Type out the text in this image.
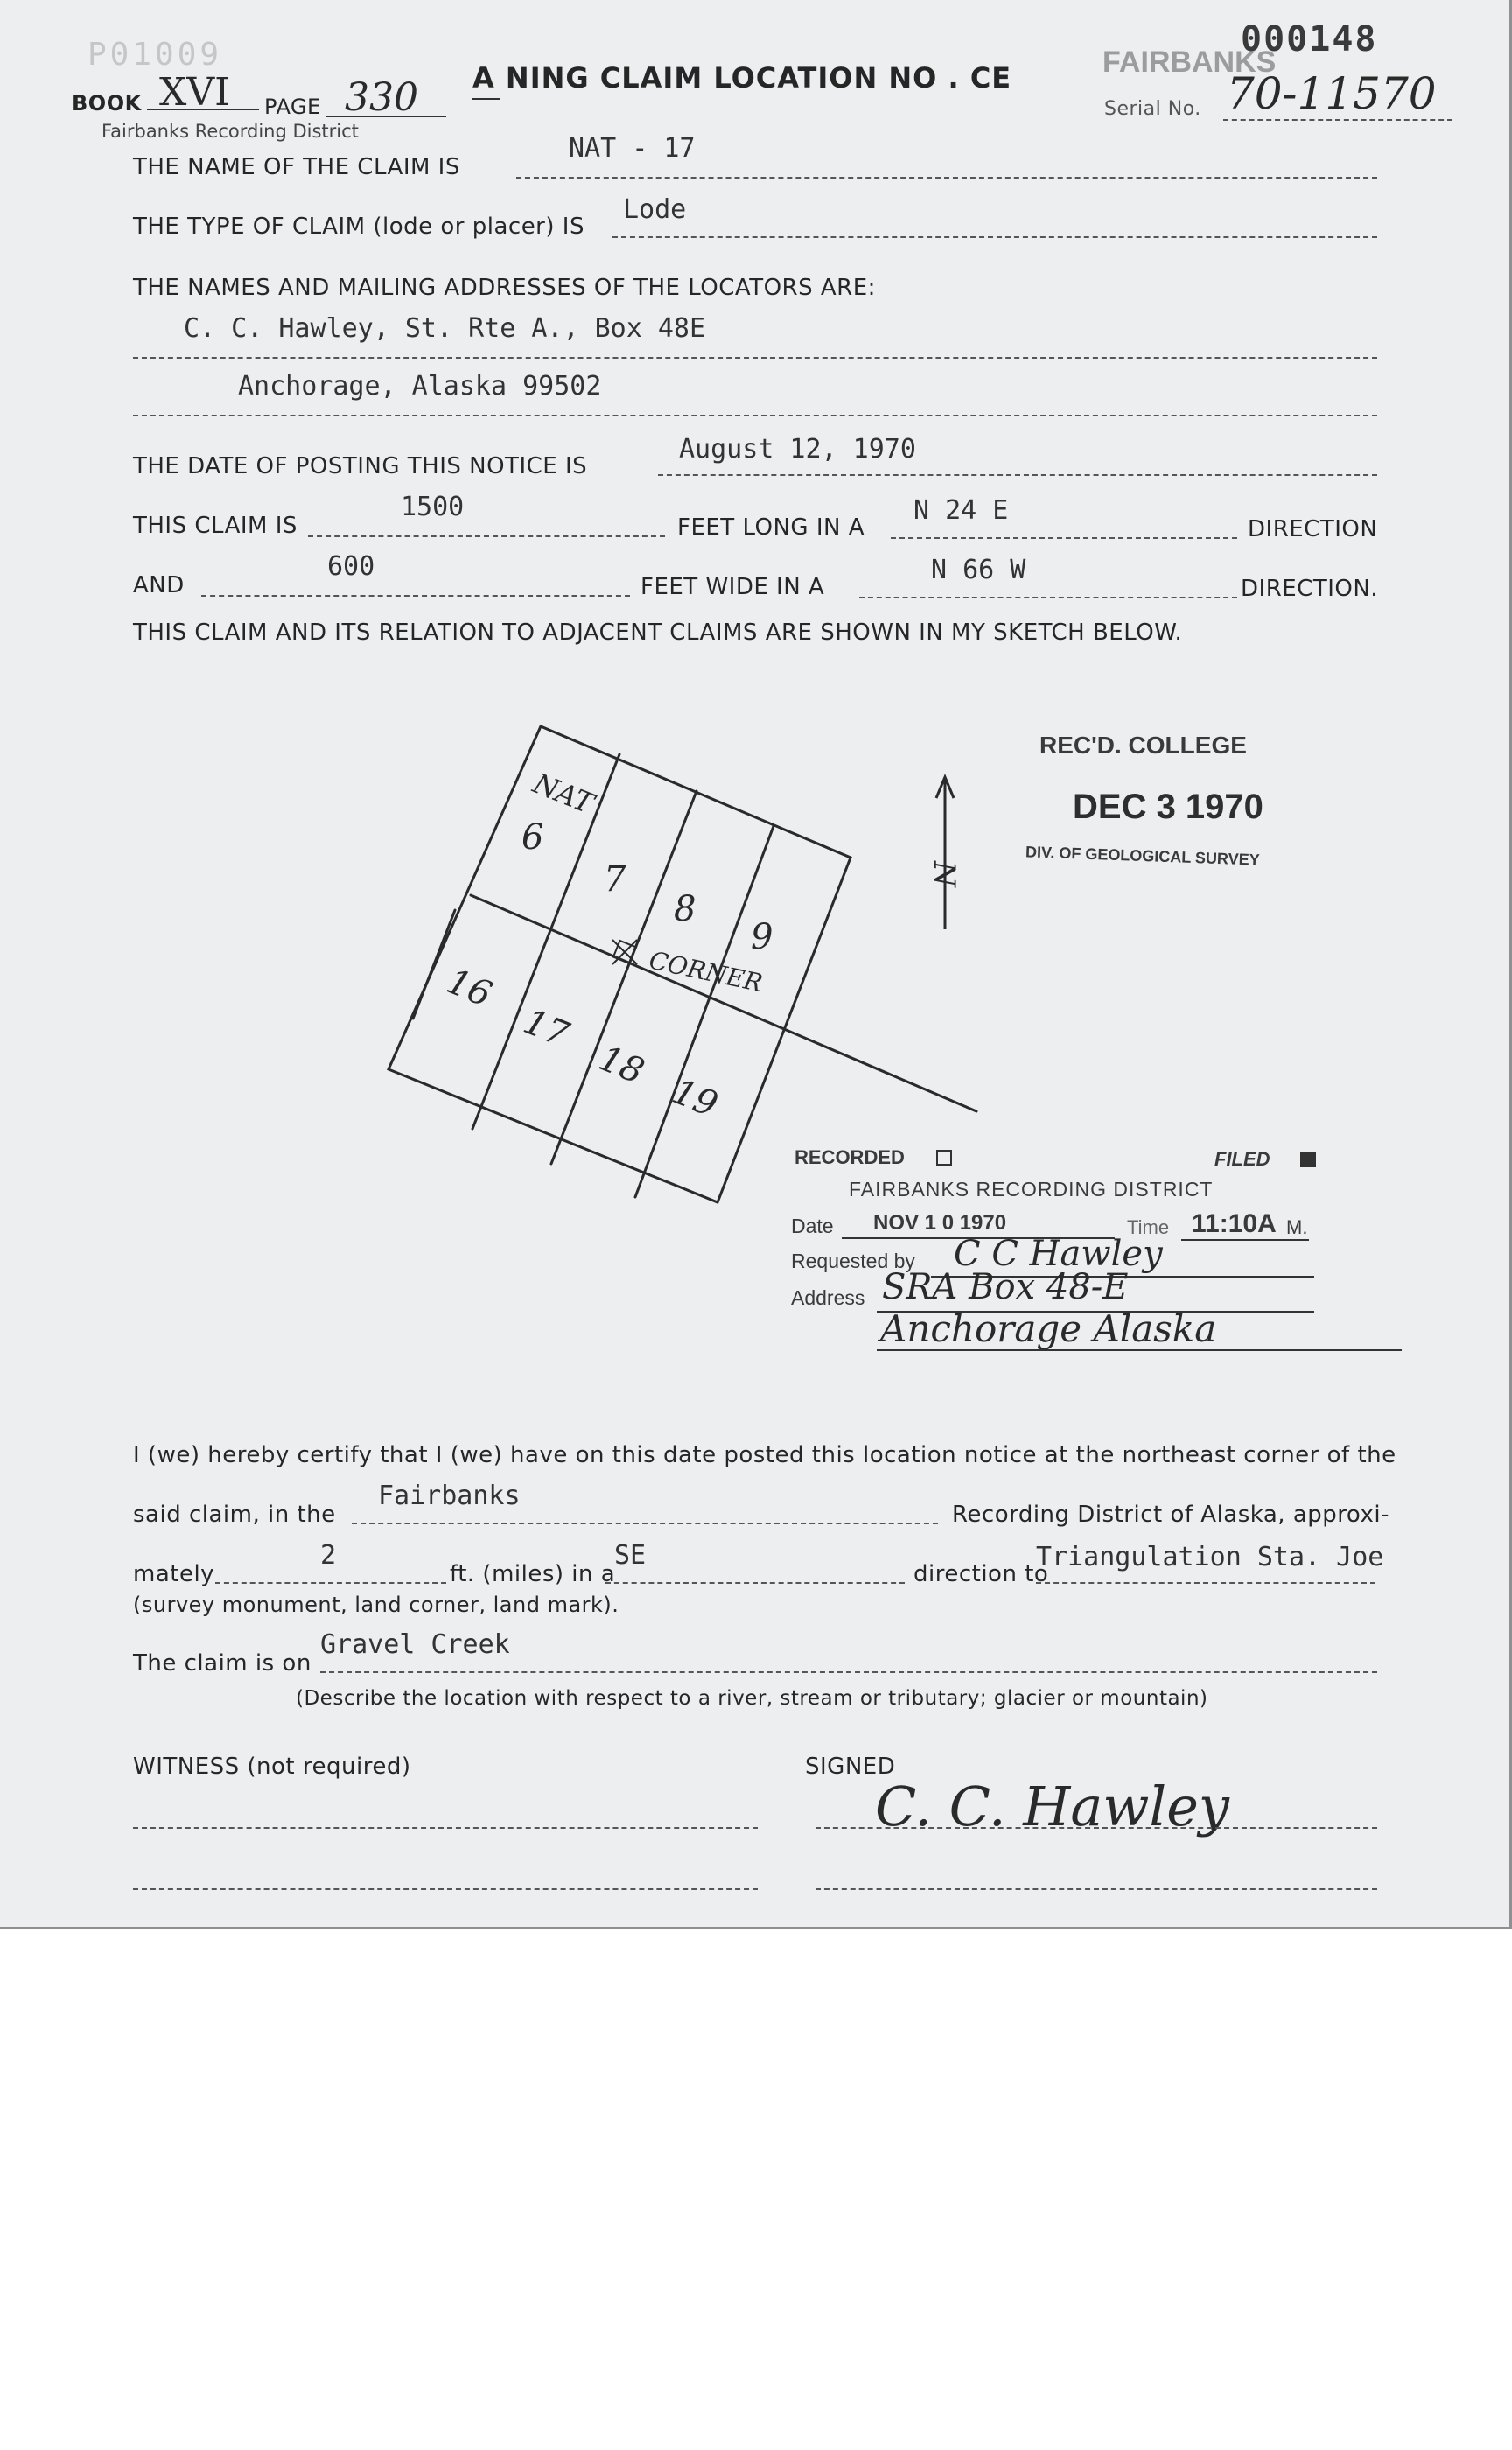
P01009
BOOK XVI PAGE 330
Fairbanks Recording District
A NING CLAIM LOCATION NO . CE	FAIRBANKS
000148
Serial No. 70-11570
THE NAME OF THE CLAIM IS
NAT - 17
THE TYPE OF CLAIM (lode or placer) IS
Lode
THE NAMES AND MAILING ADDRESSES OF THE LOCATORS ARE:
C. C. Hawley, St. Rte A., Box 48E
Anchorage, Alaska 99502
THE DATE OF POSTING THIS NOTICE IS
August 12, 1970
THIS CLAIM IS
1500
FEET LONG IN A
N 24 E
DIRECTION
AND
600
FEET WIDE IN A
N 66 W
DIRECTION.
THIS CLAIM AND ITS RELATION TO ADJACENT CLAIMS ARE SHOWN IN MY SKETCH BELOW.
NAT
6
7
8
9
16
17
18
19
CORNER
N
REC'D. COLLEGE
DEC 3 1970
DIV. OF GEOLOGICAL SURVEY
RECORDED	FILED
FAIRBANKS RECORDING DISTRICT
Date NOV 1 0 1970	Time 11:10A M.
Requested by C C Hawley
Address SRA Box 48-E
Anchorage Alaska
I (we) hereby certify that I (we) have on this date posted this location notice at the northeast corner of the
said claim, in the
Fairbanks
Recording District of Alaska, approxi-
mately
2
ft. (miles) in a
SE
direction to
Triangulation Sta. Joe
(survey monument, land corner, land mark).
The claim is on
Gravel Creek
(Describe the location with respect to a river, stream or tributary; glacier or mountain)
WITNESS (not required)	SIGNED
C. C. Hawley
